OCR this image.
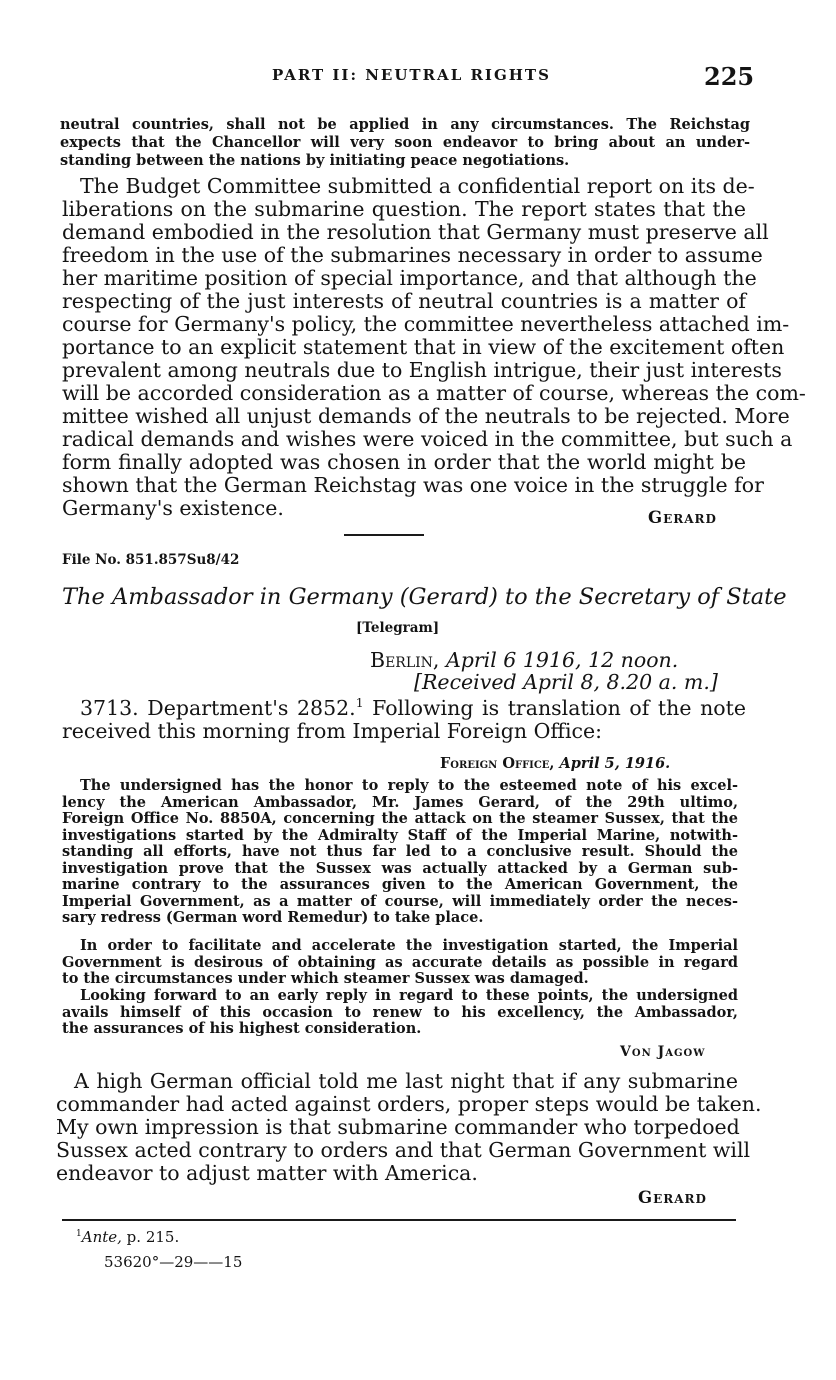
PART II: NEUTRAL RIGHTS	225
neutral countries, shall not be applied in any circumstances. The Reichstag
expects that the Chancellor will very soon endeavor to bring about an under-
standing between the nations by initiating peace negotiations.
The Budget Committee submitted a confidential report on its de-
liberations on the submarine question. The report states that the
demand embodied in the resolution that Germany must preserve all
freedom in the use of the submarines necessary in order to assume
her maritime position of special importance, and that although the
respecting of the just interests of neutral countries is a matter of
course for Germany's policy, the committee nevertheless attached im-
portance to an explicit statement that in view of the excitement often
prevalent among neutrals due to English intrigue, their just interests
will be accorded consideration as a matter of course, whereas the com-
mittee wished all unjust demands of the neutrals to be rejected. More
radical demands and wishes were voiced in the committee, but such a
form finally adopted was chosen in order that the world might be
shown that the German Reichstag was one voice in the struggle for
Germany's existence.	Gerard
File No. 851.857Su8/42
The Ambassador in Germany (Gerard) to the Secretary of State
[Telegram]
Berlin, April 6 1916, 12 noon.
[Received April 8, 8.20 a. m.]
3713. Department's 2852.$^1$ Following is translation of the note
received this morning from Imperial Foreign Office:
Foreign Office, April 5, 1916.
The undersigned has the honor to reply to the esteemed note of his excel-
lency the American Ambassador, Mr. James Gerard, of the 29th ultimo,
Foreign Office No. 8850A, concerning the attack on the steamer Sussex, that the
investigations started by the Admiralty Staff of the Imperial Marine, notwith-
standing all efforts, have not thus far led to a conclusive result. Should the
investigation prove that the Sussex was actually attacked by a German sub-
marine contrary to the assurances given to the American Government, the
Imperial Government, as a matter of course, will immediately order the neces-
sary redress (German word Remedur) to take place.
In order to facilitate and accelerate the investigation started, the Imperial
Government is desirous of obtaining as accurate details as possible in regard
to the circumstances under which steamer Sussex was damaged.
Looking forward to an early reply in regard to these points, the undersigned
avails himself of this occasion to renew to his excellency, the Ambassador,
the assurances of his highest consideration.
Von Jagow
A high German official told me last night that if any submarine
commander had acted against orders, proper steps would be taken.
My own impression is that submarine commander who torpedoed
Sussex acted contrary to orders and that German Government will
endeavor to adjust matter with America.
Gerard
$^1$Ante, p. 215.
53620°—29——15
